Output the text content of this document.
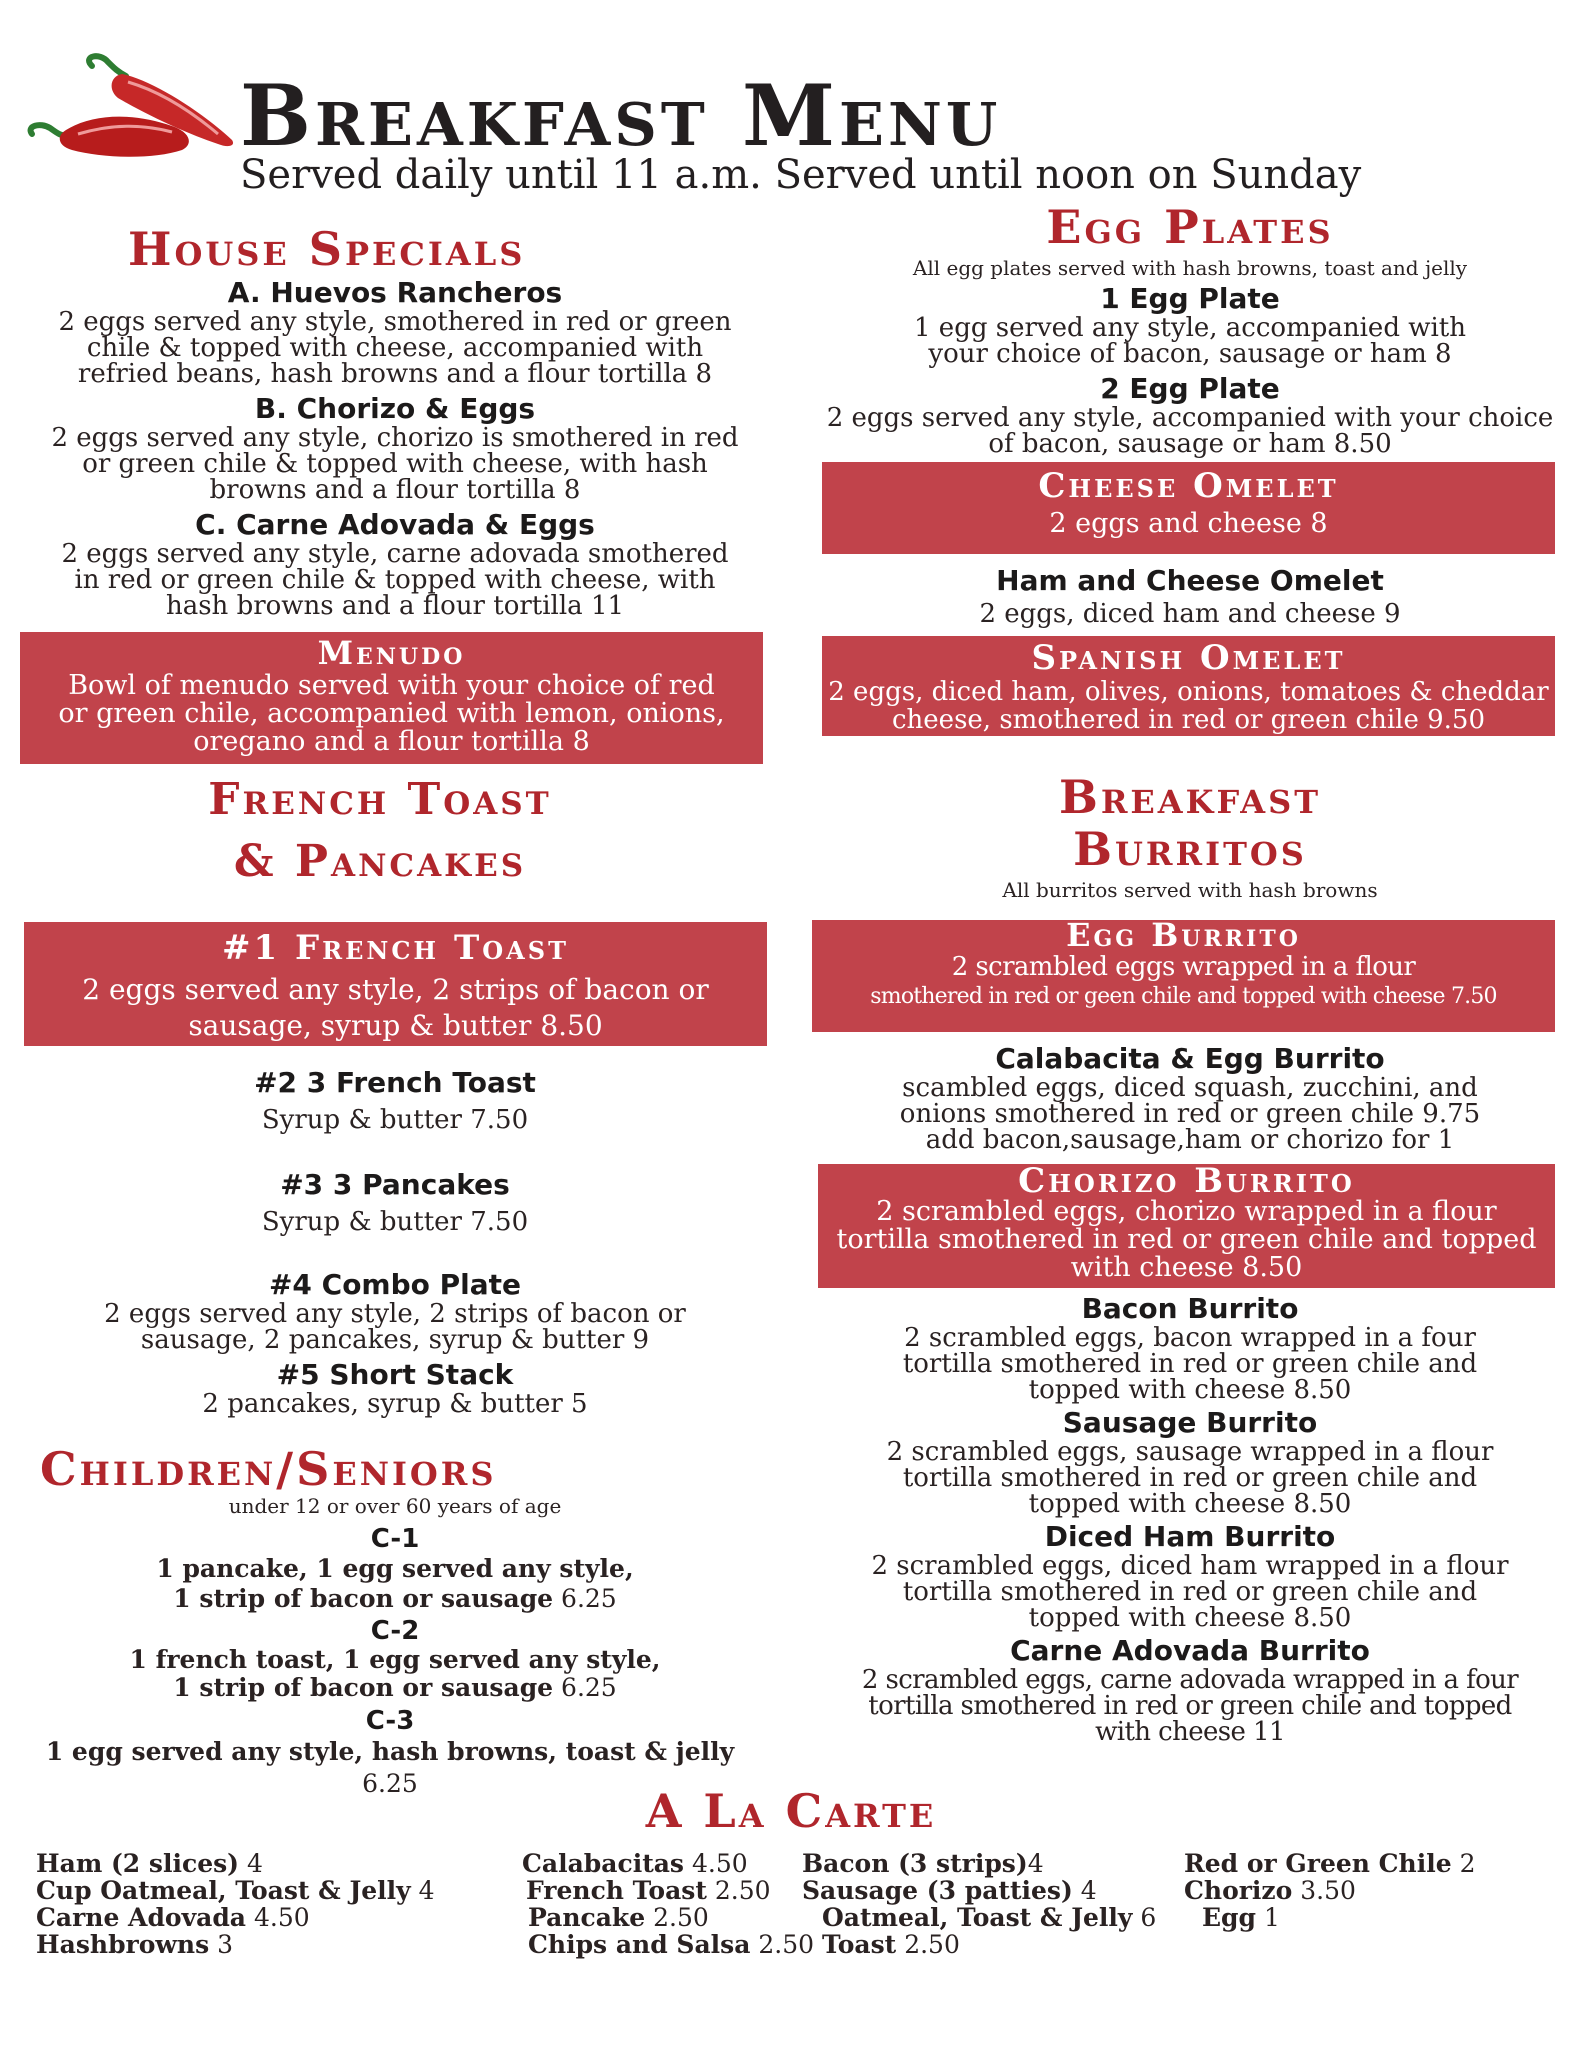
Breakfast Menu
Served daily until 11 a.m. Served until noon on Sunday
House Specials
A. Huevos Rancheros
2 eggs served any style, smothered in red or green chile & topped with cheese, accompanied with refried beans, hash browns and a flour tortilla 8
B. Chorizo & Eggs
2 eggs served any style, chorizo is smothered in red or green chile & topped with cheese, with hash browns and a flour tortilla 8
C. Carne Adovada & Eggs
2 eggs served any style, carne adovada smothered in red or green chile & topped with cheese, with hash browns and a flour tortilla 11
Menudo
Bowl of menudo served with your choice of red or green chile, accompanied with lemon, onions, oregano and a flour tortilla 8
French Toast
& Pancakes
#1 French Toast
2 eggs served any style, 2 strips of bacon or sausage, syrup & butter 8.50
#2 3 French Toast
Syrup & butter 7.50
#3 3 Pancakes
Syrup & butter 7.50
#4 Combo Plate
2 eggs served any style, 2 strips of bacon or sausage, 2 pancakes, syrup & butter 9
#5 Short Stack
2 pancakes, syrup & butter 5
Children/Seniors
under 12 or over 60 years of age
C-1
1 pancake, 1 egg served any style,
1 strip of bacon or sausage 6.25
C-2
1 french toast, 1 egg served any style,
1 strip of bacon or sausage 6.25
C-3
1 egg served any style, hash browns, toast & jelly 6.25
Egg Plates
All egg plates served with hash browns, toast and jelly
1 Egg Plate
1 egg served any style, accompanied with your choice of bacon, sausage or ham 8
2 Egg Plate
2 eggs served any style, accompanied with your choice of bacon, sausage or ham 8.50
Cheese Omelet
2 eggs and cheese 8
Ham and Cheese Omelet
2 eggs, diced ham and cheese 9
Spanish Omelet
2 eggs, diced ham, olives, onions, tomatoes & cheddar cheese, smothered in red or green chile 9.50
Breakfast
Burritos
All burritos served with hash browns
Egg Burrito
2 scrambled eggs wrapped in a flour
smothered in red or geen chile and topped with cheese 7.50
Calabacita & Egg Burrito
scambled eggs, diced squash, zucchini, and onions smothered in red or green chile 9.75
add bacon,sausage,ham or chorizo for 1
Chorizo Burrito
2 scrambled eggs, chorizo wrapped in a flour tortilla smothered in red or green chile and topped with cheese 8.50
Bacon Burrito
2 scrambled eggs, bacon wrapped in a four tortilla smothered in red or green chile and topped with cheese 8.50
Sausage Burrito
2 scrambled eggs, sausage wrapped in a flour tortilla smothered in red or green chile and topped with cheese 8.50
Diced Ham Burrito
2 scrambled eggs, diced ham wrapped in a flour tortilla smothered in red or green chile and topped with cheese 8.50
Carne Adovada Burrito
2 scrambled eggs, carne adovada wrapped in a four tortilla smothered in red or green chile and topped with cheese 11
A La Carte
Ham (2 slices) 4
Cup Oatmeal, Toast & Jelly 4
Carne Adovada 4.50
Hashbrowns 3
Calabacitas 4.50
French Toast 2.50
Pancake 2.50
Chips and Salsa 2.50
Bacon (3 strips)4
Sausage (3 patties) 4
Oatmeal, Toast & Jelly 6
Toast 2.50
Red or Green Chile 2
Chorizo 3.50
Egg 1
